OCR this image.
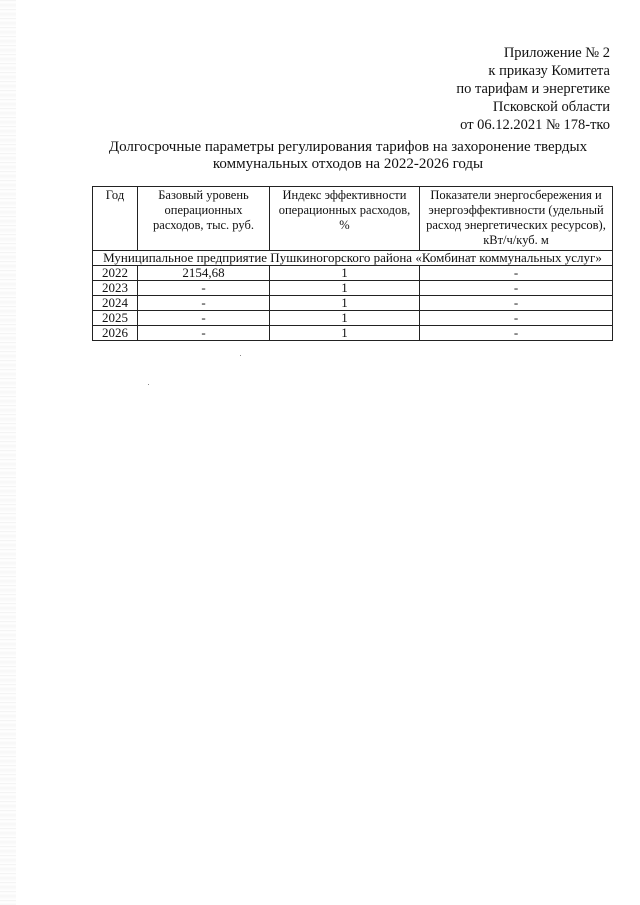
Приложение № 2
к приказу Комитета
по тарифам и энергетике
Псковской области
от 06.12.2021 № 178-тко
Долгосрочные параметры регулирования тарифов на захоронение твердых
коммунальных отходов на 2022-2026 годы
Год	Базовый уровень операционных расходов, тыс. руб.	Индекс эффективности операционных расходов, %	Показатели энергосбережения и энергоэффективности (удельный расход энергетических ресурсов), кВт/ч/куб. м
Муниципальное предприятие Пушкиногорского района «Комбинат коммунальных услуг»			
2022	2154,68	1	-
2023	-	1	-
2024	-	1	-
2025	-	1	-
2026	-	1	-
